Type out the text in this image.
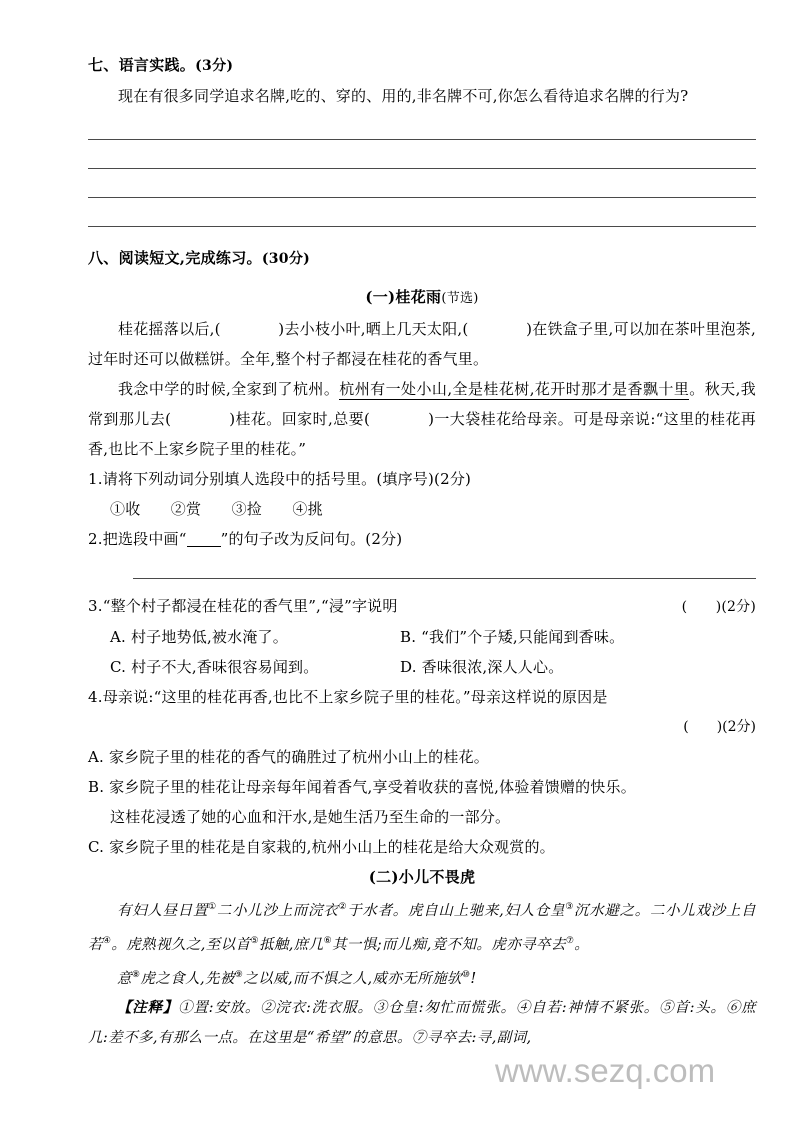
七、语言实践。(3分)

现在有很多同学追求名牌,吃的、穿的、用的,非名牌不可,你怎么看待追求名牌的行为?

八、阅读短文,完成练习。(30分)

(一)桂花雨(节选)

桂花摇落以后,(	)去小枝小叶,晒上几天太阳,(	)在铁盒子里,可以加在茶叶里泡茶,过年时还可以做糕饼。全年,整个村子都浸在桂花的香气里。

我念中学的时候,全家到了杭州。杭州有一处小山,全是桂花树,花开时那才是香飘十里。秋天,我常到那儿去(	)桂花。回家时,总要(	)一大袋桂花给母亲。可是母亲说:“这里的桂花再香,也比不上家乡院子里的桂花。”

1.请将下列动词分别填人选段中的括号里。(填序号)(2分)

①收　　②赏　　③捡　　④挑

2.把选段中画“ ”的句子改为反问句。(2分)

3.“整个村子都浸在桂花的香气里”,“浸”字说明	(　　)(2分)
A. 村子地势低,被水淹了。	B. “我们”个子矮,只能闻到香味。
C. 村子不大,香味很容易闻到。	D. 香味很浓,深人人心。

4.母亲说:“这里的桂花再香,也比不上家乡院子里的桂花。”母亲这样说的原因是

(　　)(2分)

A. 家乡院子里的桂花的香气的确胜过了杭州小山上的桂花。

B. 家乡院子里的桂花让母亲每年闻着香气,享受着收获的喜悦,体验着馈赠的快乐。

这桂花浸透了她的心血和汗水,是她生活乃至生命的一部分。

C. 家乡院子里的桂花是自家栽的,杭州小山上的桂花是给大众观赏的。

(二)小儿不畏虎

有妇人昼日置①二小儿沙上而浣衣②于水者。虎自山上驰来,妇人仓皇③沉水避之。二小儿戏沙上自若④。虎熟视久之,至以首⑤抵触,庶几⑥其一惧;而儿痴,竟不知。虎亦寻卒去⑦。

意⑧虎之食人,先被⑨之以威,而不惧之人,威亦无所施欤⑩!

【注释】①置:安放。②浣衣:洗衣服。③仓皇:匆忙而慌张。④自若:神情不紧张。⑤首:头。⑥庶几:差不多,有那么一点。在这里是“希望”的意思。⑦寻卒去:寻,副词,

www.sezq.com
